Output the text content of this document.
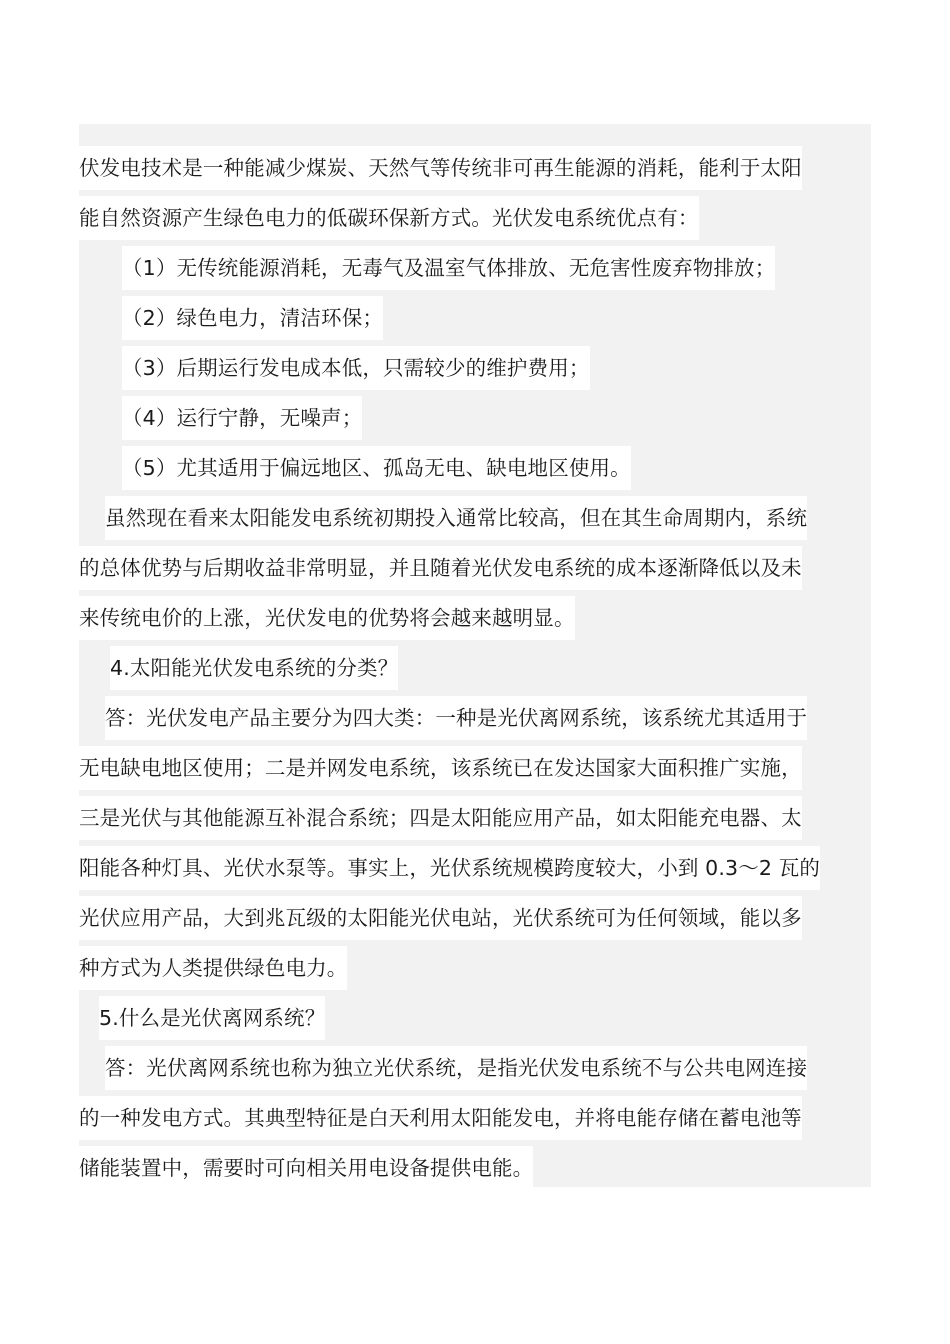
伏发电技术是一种能减少煤炭、天然气等传统非可再生能源的消耗，能利于太阳
能自然资源产生绿色电力的低碳环保新方式。光伏发电系统优点有：
（1）无传统能源消耗，无毒气及温室气体排放、无危害性废弃物排放；
（2）绿色电力，清洁环保；
（3）后期运行发电成本低，只需较少的维护费用；
（4）运行宁静，无噪声；
（5）尤其适用于偏远地区、孤岛无电、缺电地区使用。
虽然现在看来太阳能发电系统初期投入通常比较高，但在其生命周期内，系统
的总体优势与后期收益非常明显，并且随着光伏发电系统的成本逐渐降低以及未
来传统电价的上涨，光伏发电的优势将会越来越明显。
4.太阳能光伏发电系统的分类？
答：光伏发电产品主要分为四大类：一种是光伏离网系统，该系统尤其适用于
无电缺电地区使用；二是并网发电系统，该系统已在发达国家大面积推广实施，
三是光伏与其他能源互补混合系统；四是太阳能应用产品，如太阳能充电器、太
阳能各种灯具、光伏水泵等。事实上，光伏系统规模跨度较大，小到 0.3～2 瓦的
光伏应用产品，大到兆瓦级的太阳能光伏电站，光伏系统可为任何领域，能以多
种方式为人类提供绿色电力。
5.什么是光伏离网系统？
答：光伏离网系统也称为独立光伏系统，是指光伏发电系统不与公共电网连接
的一种发电方式。其典型特征是白天利用太阳能发电，并将电能存储在蓄电池等
储能装置中，需要时可向相关用电设备提供电能。
